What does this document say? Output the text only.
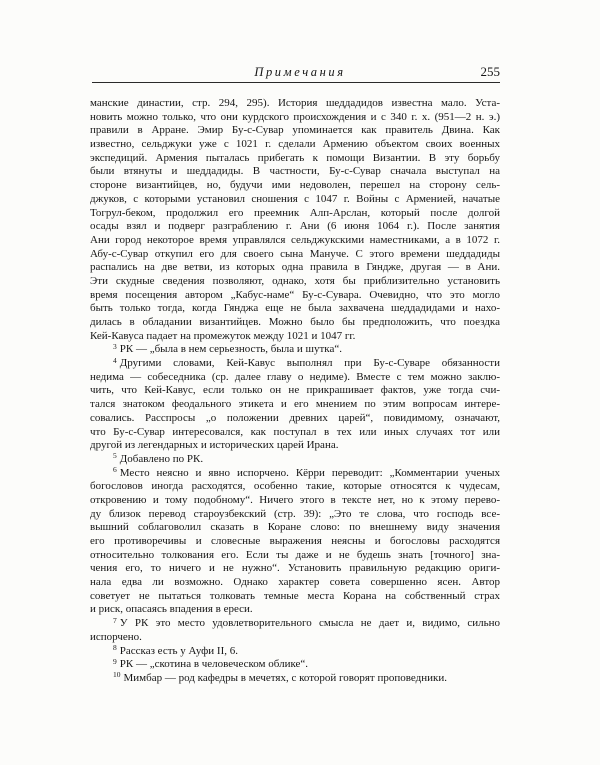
Примечания	255
манские династии, стр. 294, 295). История шеддадидов известна мало. Уста-
новить можно только, что они курдского происхождения и с 340 г. х. (951—2 н. э.)
правили в Арране. Эмир Бу-с-Сувар упоминается как правитель Двина. Как
известно, сельджуки уже с 1021 г. сделали Армению объектом своих военных
экспедиций. Армения пыталась прибегать к помощи Византии. В эту борьбу
были втянуты и шеддадиды. В частности, Бу-с-Сувар сначала выступал на
стороне византийцев, но, будучи ими недоволен, перешел на сторону сель-
джуков, с которыми установил сношения с 1047 г. Войны с Арменией, начатые
Тогрул-беком, продолжил его преемник Алп-Арслан, который после долгой
осады взял и подверг разграблению г. Ани (6 июня 1064 г.). После занятия
Ани город некоторое время управлялся сельджукскими наместниками, а в 1072 г.
Абу-с-Сувар откупил его для своего сына Мануче. С этого времени шеддадиды
распались на две ветви, из которых одна правила в Гяндже, другая — в Ани.
Эти скудные сведения позволяют, однако, хотя бы приблизительно установить
время посещения автором „Кабус-наме“ Бу-с-Сувара. Очевидно, что это могло
быть только тогда, когда Гянджа еще не была захвачена шеддадидами и нахо-
дилась в обладании византийцев. Можно было бы предположить, что поездка
Кей-Кавуса падает на промежуток между 1021 и 1047 гг.
$^3$ РК — „была в нем серьезность, была и шутка“.
$^4$ Другими словами, Кей-Кавус выполнял при Бу-с-Суваре обязанности
недима — собеседника (ср. далее главу о недиме). Вместе с тем можно заклю-
чить, что Кей-Кавус, если только он не прикрашивает фактов, уже тогда счи-
тался знатоком феодального этикета и его мнением по этим вопросам интере-
совались. Расспросы „о положении древних царей“, повидимому, означают,
что Бу-с-Сувар интересовался, как поступал в тех или иных случаях тот или
другой из легендарных и исторических царей Ирана.
$^5$ Добавлено по РК.
$^6$ Место неясно и явно испорчено. Кёрри переводит: „Комментарии ученых
богословов иногда расходятся, особенно такие, которые относятся к чудесам,
откровению и тому подобному“. Ничего этого в тексте нет, но к этому перево-
ду близок перевод староузбекский (стр. 39): „Это те слова, что господь все-
вышний соблаговолил сказать в Коране слово: по внешнему виду значения
его противоречивы и словесные выражения неясны и богословы расходятся
относительно толкования его. Если ты даже и не будешь знать [точного] зна-
чения его, то ничего и не нужно“. Установить правильную редакцию ориги-
нала едва ли возможно. Однако характер совета совершенно ясен. Автор
советует не пытаться толковать темные места Корана на собственный страх
и риск, опасаясь впадения в ереси.
$^7$ У РК это место удовлетворительного смысла не дает и, видимо, сильно
испорчено.
$^8$ Рассказ есть у Ауфи II, 6.
$^9$ РК — „скотина в человеческом облике“.
$^{10}$ Мимбар — род кафедры в мечетях, с которой говорят проповедники.
